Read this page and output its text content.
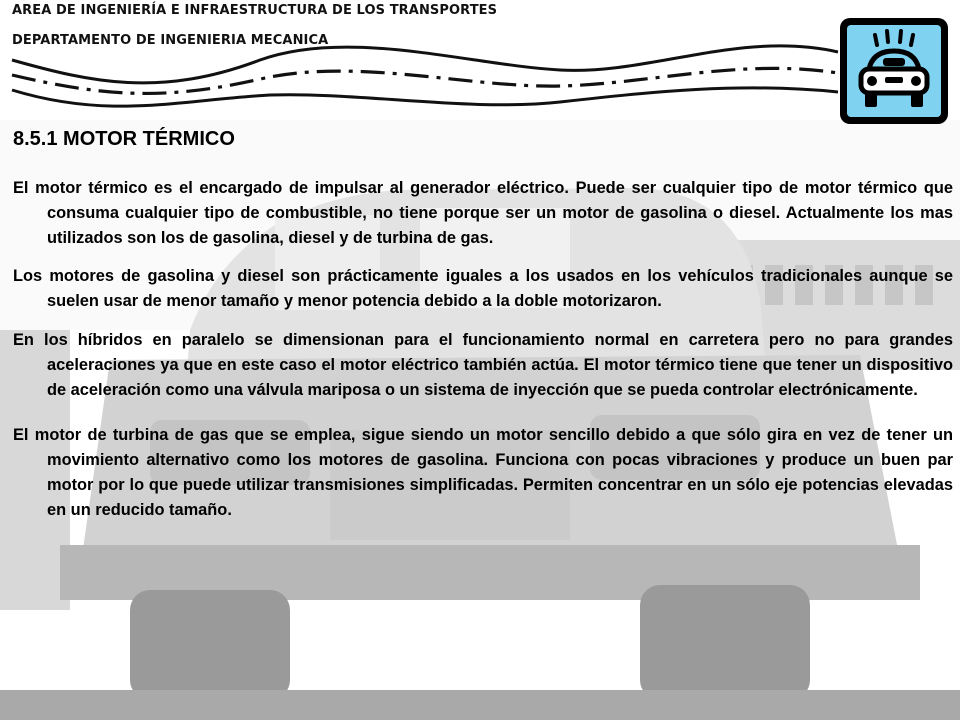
AREA DE INGENIERÍA E INFRAESTRUCTURA DE LOS TRANSPORTES
DEPARTAMENTO DE INGENIERIA MECANICA
8.5.1 MOTOR TÉRMICO

El motor térmico es el encargado de impulsar al generador eléctrico. Puede ser cualquier tipo de motor térmico que consuma cualquier tipo de combustible, no tiene porque ser un motor de gasolina o diesel. Actualmente los mas utilizados son los de gasolina, diesel y de turbina de gas.

Los motores de gasolina y diesel son prácticamente iguales a los usados en los vehículos tradicionales aunque se suelen usar de menor tamaño y menor potencia debido a la doble motorizaron.

En los híbridos en paralelo se dimensionan para el funcionamiento normal en carretera pero no para grandes aceleraciones ya que en este caso el motor eléctrico también actúa. El motor térmico tiene que tener un dispositivo de aceleración como una válvula mariposa o un sistema de inyección que se pueda controlar electrónicamente.

El motor de turbina de gas que se emplea, sigue siendo un motor sencillo debido a que sólo gira en vez de tener un movimiento alternativo como los motores de gasolina. Funciona con pocas vibraciones y produce un buen par motor por lo que puede utilizar transmisiones simplificadas. Permiten concentrar en un sólo eje potencias elevadas en un reducido tamaño.
